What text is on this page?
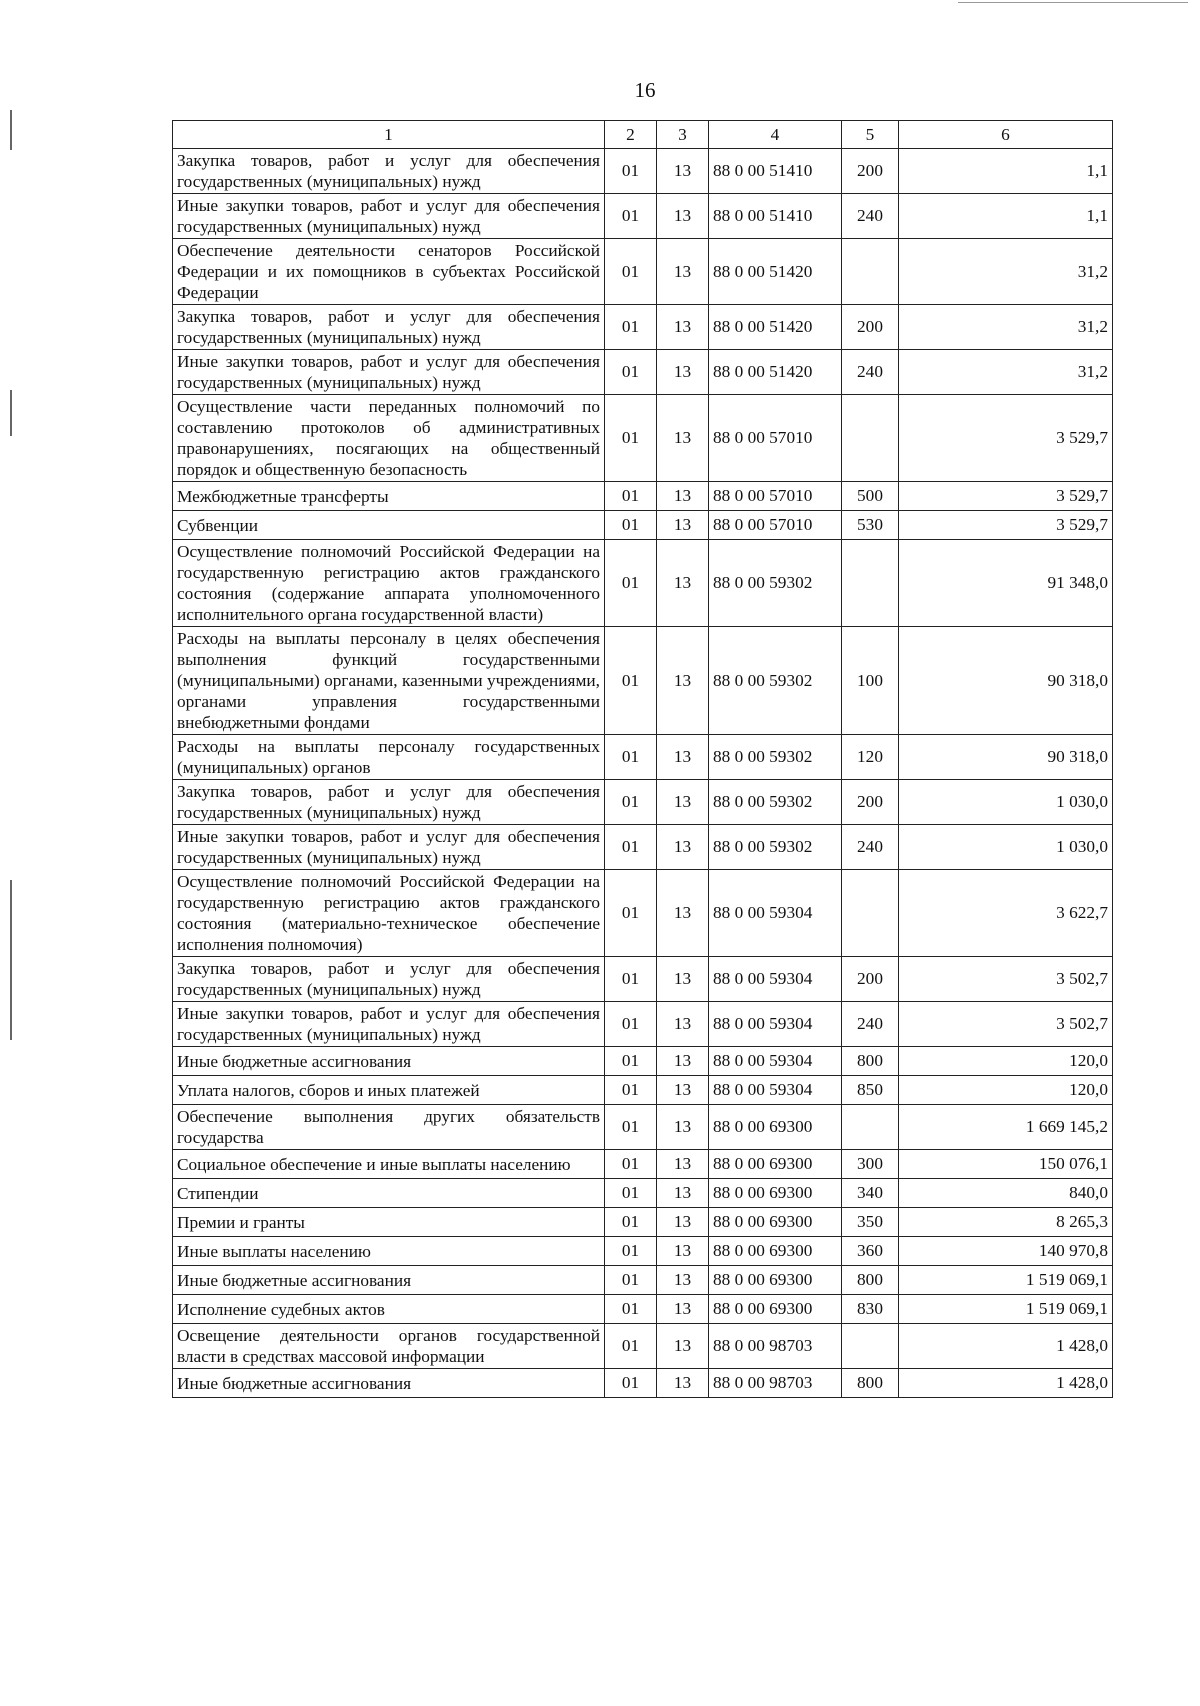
16
1	2	3	4	5	6
Закупка товаров, работ и услуг для обеспечения государственных (муниципальных) нужд	01	13	88 0 00 51410	200	1,1
Иные закупки товаров, работ и услуг для обеспечения государственных (муниципальных) нужд	01	13	88 0 00 51410	240	1,1
Обеспечение деятельности сенаторов Российской Федерации и их помощников в субъектах Российской Федерации	01	13	88 0 00 51420		31,2
Закупка товаров, работ и услуг для обеспечения государственных (муниципальных) нужд	01	13	88 0 00 51420	200	31,2
Иные закупки товаров, работ и услуг для обеспечения государственных (муниципальных) нужд	01	13	88 0 00 51420	240	31,2
Осуществление части переданных полномочий по составлению протоколов об административных правонарушениях, посягающих на общественный порядок и общественную безопасность	01	13	88 0 00 57010		3 529,7
Межбюджетные трансферты	01	13	88 0 00 57010	500	3 529,7
Субвенции	01	13	88 0 00 57010	530	3 529,7
Осуществление полномочий Российской Федерации на государственную регистрацию актов гражданского состояния (содержание аппарата уполномоченного исполнительного органа государственной власти)	01	13	88 0 00 59302		91 348,0
Расходы на выплаты персоналу в целях обеспечения выполнения функций государственными (муниципальными) органами, казенными учреждениями, органами управления государственными внебюджетными фондами	01	13	88 0 00 59302	100	90 318,0
Расходы на выплаты персоналу государственных (муниципальных) органов	01	13	88 0 00 59302	120	90 318,0
Закупка товаров, работ и услуг для обеспечения государственных (муниципальных) нужд	01	13	88 0 00 59302	200	1 030,0
Иные закупки товаров, работ и услуг для обеспечения государственных (муниципальных) нужд	01	13	88 0 00 59302	240	1 030,0
Осуществление полномочий Российской Федерации на государственную регистрацию актов гражданского состояния (материально-техническое обеспечение исполнения полномочия)	01	13	88 0 00 59304		3 622,7
Закупка товаров, работ и услуг для обеспечения государственных (муниципальных) нужд	01	13	88 0 00 59304	200	3 502,7
Иные закупки товаров, работ и услуг для обеспечения государственных (муниципальных) нужд	01	13	88 0 00 59304	240	3 502,7
Иные бюджетные ассигнования	01	13	88 0 00 59304	800	120,0
Уплата налогов, сборов и иных платежей	01	13	88 0 00 59304	850	120,0
Обеспечение выполнения других обязательств государства	01	13	88 0 00 69300		1 669 145,2
Социальное обеспечение и иные выплаты населению	01	13	88 0 00 69300	300	150 076,1
Стипендии	01	13	88 0 00 69300	340	840,0
Премии и гранты	01	13	88 0 00 69300	350	8 265,3
Иные выплаты населению	01	13	88 0 00 69300	360	140 970,8
Иные бюджетные ассигнования	01	13	88 0 00 69300	800	1 519 069,1
Исполнение судебных актов	01	13	88 0 00 69300	830	1 519 069,1
Освещение деятельности органов государственной власти в средствах массовой информации	01	13	88 0 00 98703		1 428,0
Иные бюджетные ассигнования	01	13	88 0 00 98703	800	1 428,0
